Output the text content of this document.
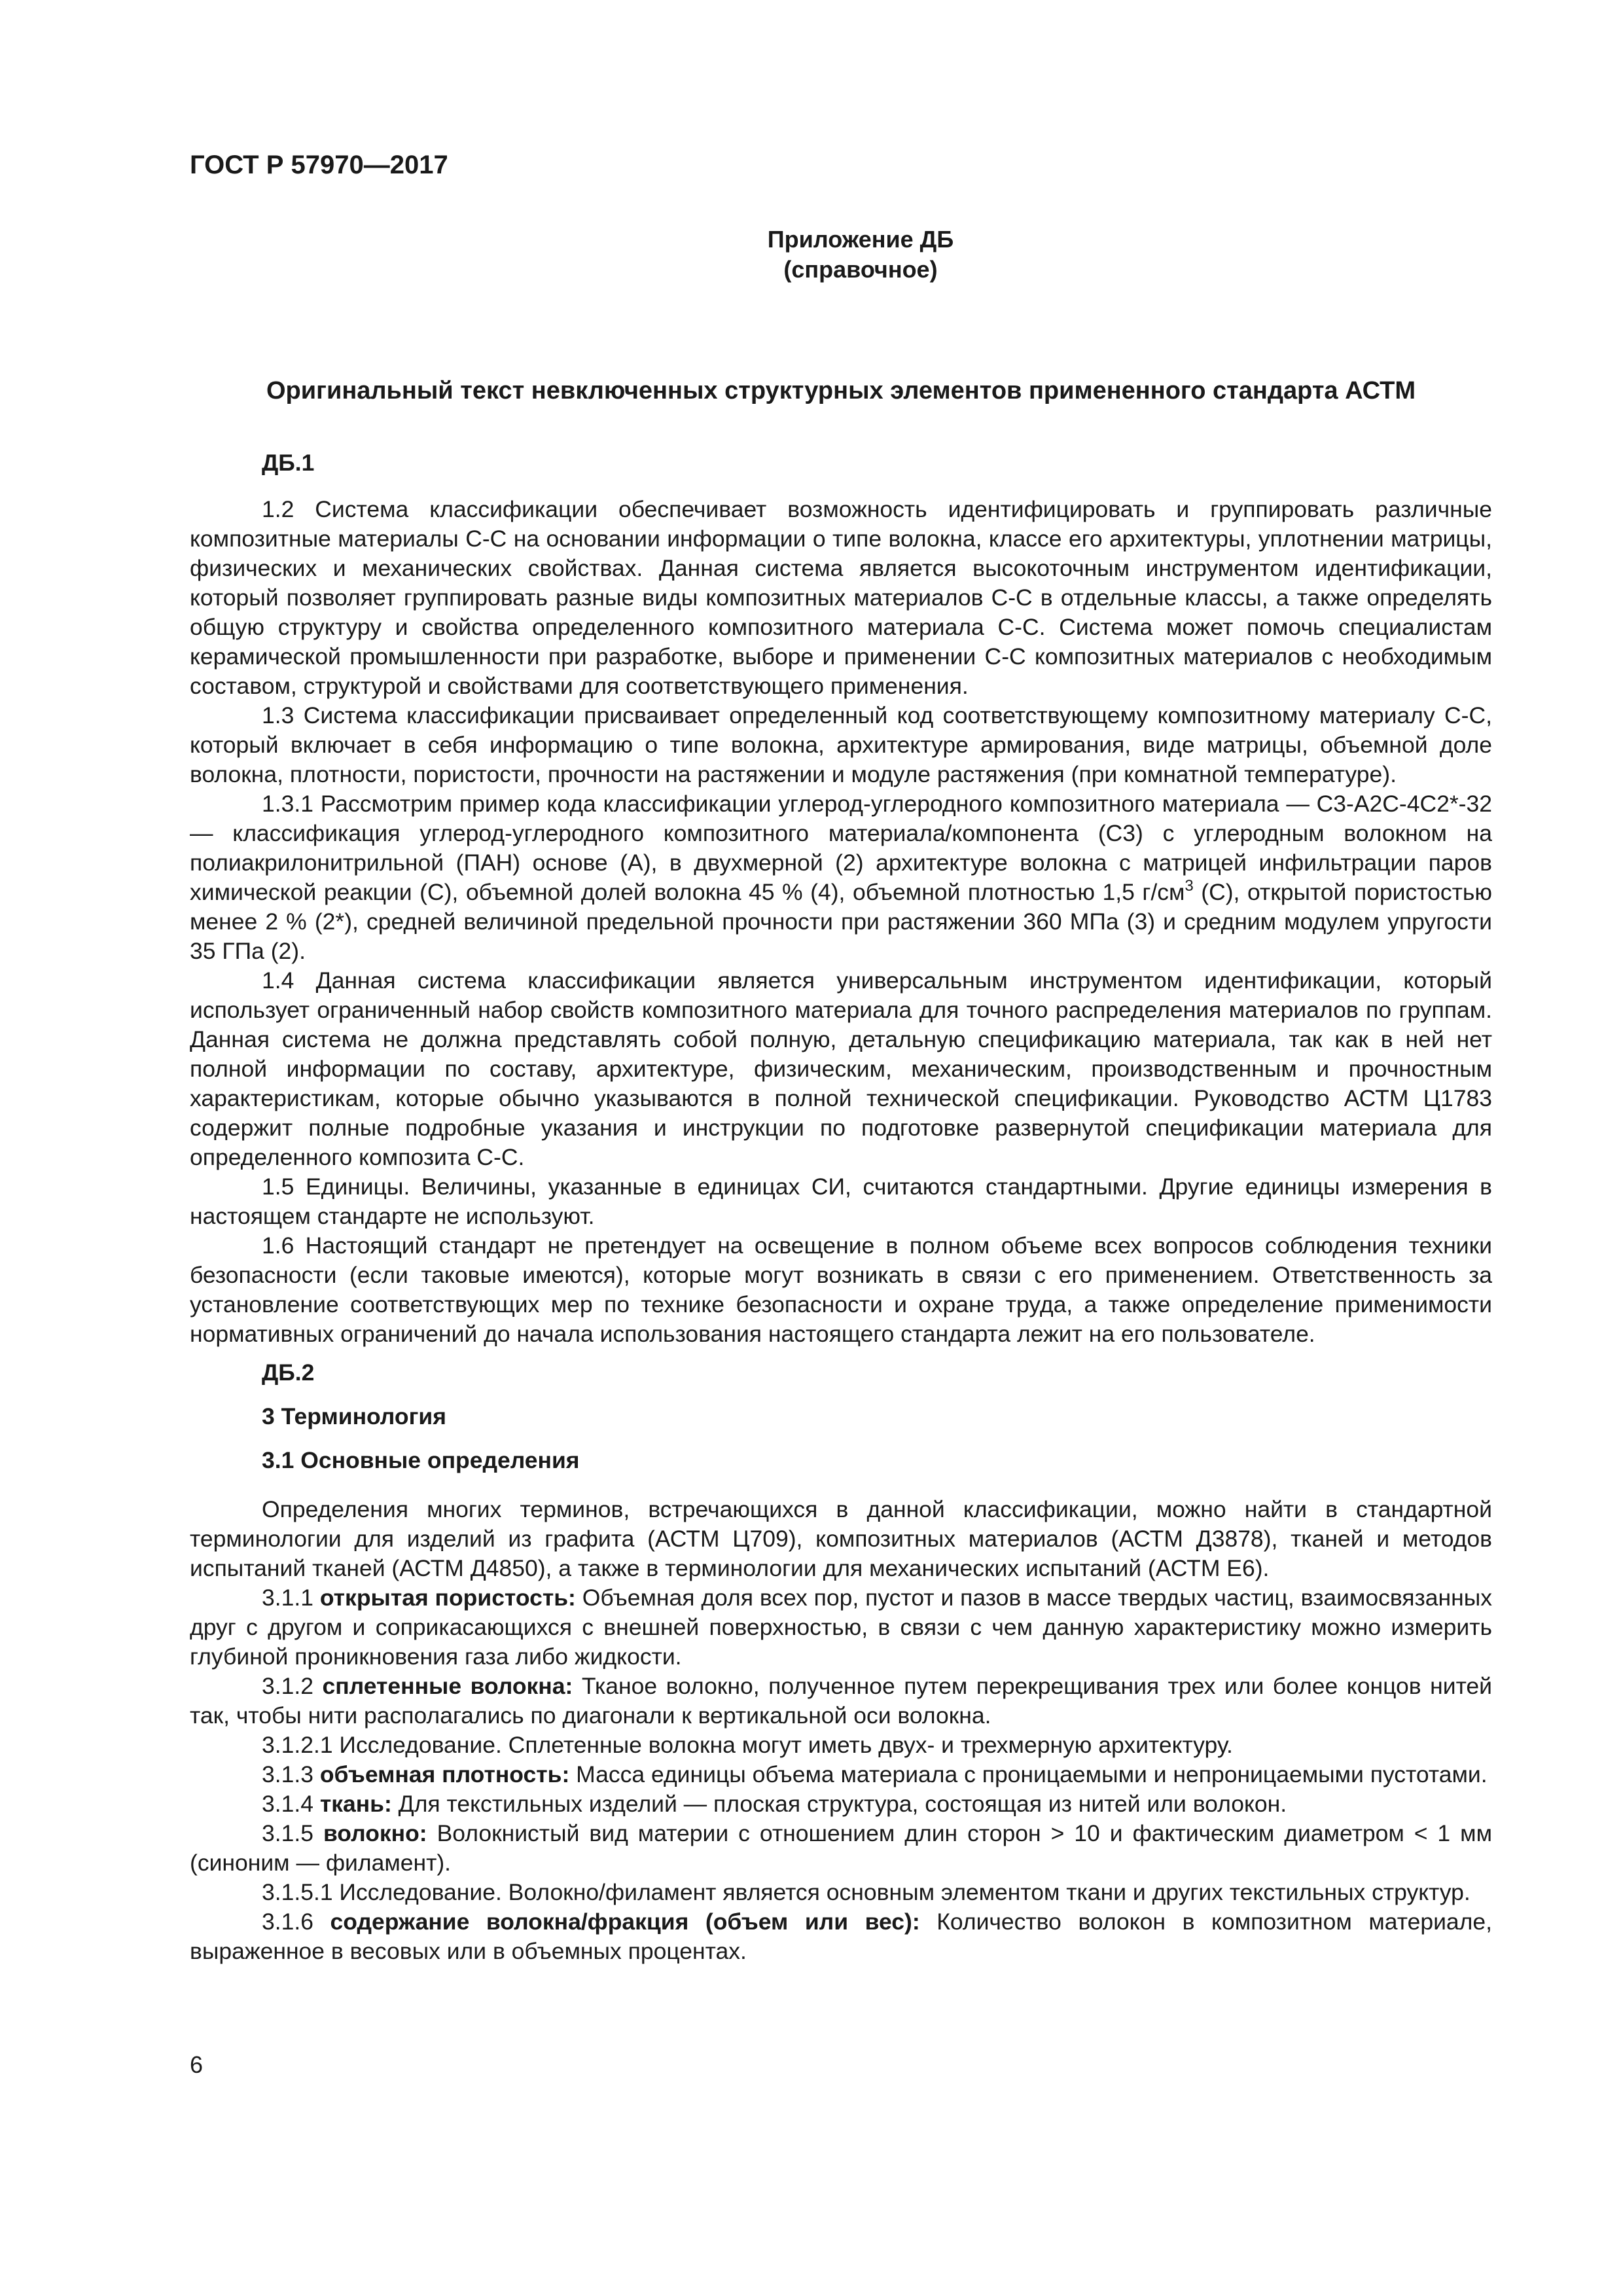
ГОСТ Р 57970—2017
Приложение ДБ
(справочное)
Оригинальный текст невключенных структурных элементов примененного стандарта АСТМ

ДБ.1

1.2 Система классификации обеспечивает возможность идентифицировать и группировать различные композитные материалы С-С на основании информации о типе волокна, классе его архитектуры, уплотнении матрицы, физических и механических свойствах. Данная система является высокоточным инструментом идентификации, который позволяет группировать разные виды композитных материалов С-С в отдельные классы, а также определять общую структуру и свойства определенного композитного материала С-С. Система может помочь специалистам керамической промышленности при разработке, выборе и применении С-С композитных материалов с необходимым составом, структурой и свойствами для соответствующего применения.

1.3 Система классификации присваивает определенный код соответствующему композитному материалу С-С, который включает в себя информацию о типе волокна, архитектуре армирования, виде матрицы, объемной доле волокна, плотности, пористости, прочности на растяжении и модуле растяжения (при комнатной температуре).

1.3.1 Рассмотрим пример кода классификации углерод-углеродного композитного материала — С3-А2С-4С2*-32 — классификация углерод-углеродного композитного материала/компонента (С3) с углеродным волокном на полиакрилонитрильной (ПАН) основе (А), в двухмерной (2) архитектуре волокна с матрицей инфильтрации паров химической реакции (С), объемной долей волокна 45 % (4), объемной плотностью 1,5 $г/см^3$ (С), открытой пористостью менее 2 % (2*), средней величиной предельной прочности при растяжении 360 МПа (3) и средним модулем упругости 35 ГПа (2).

1.4 Данная система классификации является универсальным инструментом идентификации, который использует ограниченный набор свойств композитного материала для точного распределения материалов по группам. Данная система не должна представлять собой полную, детальную спецификацию материала, так как в ней нет полной информации по составу, архитектуре, физическим, механическим, производственным и прочностным характеристикам, которые обычно указываются в полной технической спецификации. Руководство АСТМ Ц1783 содержит полные подробные указания и инструкции по подготовке развернутой спецификации материала для определенного композита С-С.

1.5 Единицы. Величины, указанные в единицах СИ, считаются стандартными. Другие единицы измерения в настоящем стандарте не используют.

1.6 Настоящий стандарт не претендует на освещение в полном объеме всех вопросов соблюдения техники безопасности (если таковые имеются), которые могут возникать в связи с его применением. Ответственность за установление соответствующих мер по технике безопасности и охране труда, а также определение применимости нормативных ограничений до начала использования настоящего стандарта лежит на его пользователе.

ДБ.2

3 Терминология

3.1 Основные определения

Определения многих терминов, встречающихся в данной классификации, можно найти в стандартной терминологии для изделий из графита (АСТМ Ц709), композитных материалов (АСТМ Д3878), тканей и методов испытаний тканей (АСТМ Д4850), а также в терминологии для механических испытаний (АСТМ Е6).

3.1.1 открытая пористость: Объемная доля всех пор, пустот и пазов в массе твердых частиц, взаимосвязанных друг с другом и соприкасающихся с внешней поверхностью, в связи с чем данную характеристику можно измерить глубиной проникновения газа либо жидкости.

3.1.2 сплетенные волокна: Тканое волокно, полученное путем перекрещивания трех или более концов нитей так, чтобы нити располагались по диагонали к вертикальной оси волокна.

3.1.2.1 Исследование. Сплетенные волокна могут иметь двух- и трехмерную архитектуру.

3.1.3 объемная плотность: Масса единицы объема материала с проницаемыми и непроницаемыми пустотами.

3.1.4 ткань: Для текстильных изделий — плоская структура, состоящая из нитей или волокон.

3.1.5 волокно: Волокнистый вид материи с отношением длин сторон > 10 и фактическим диаметром < 1 мм (синоним — филамент).

3.1.5.1 Исследование. Волокно/филамент является основным элементом ткани и других текстильных структур.

3.1.6 содержание волокна/фракция (объем или вес): Количество волокон в композитном материале, выраженное в весовых или в объемных процентах.

6
